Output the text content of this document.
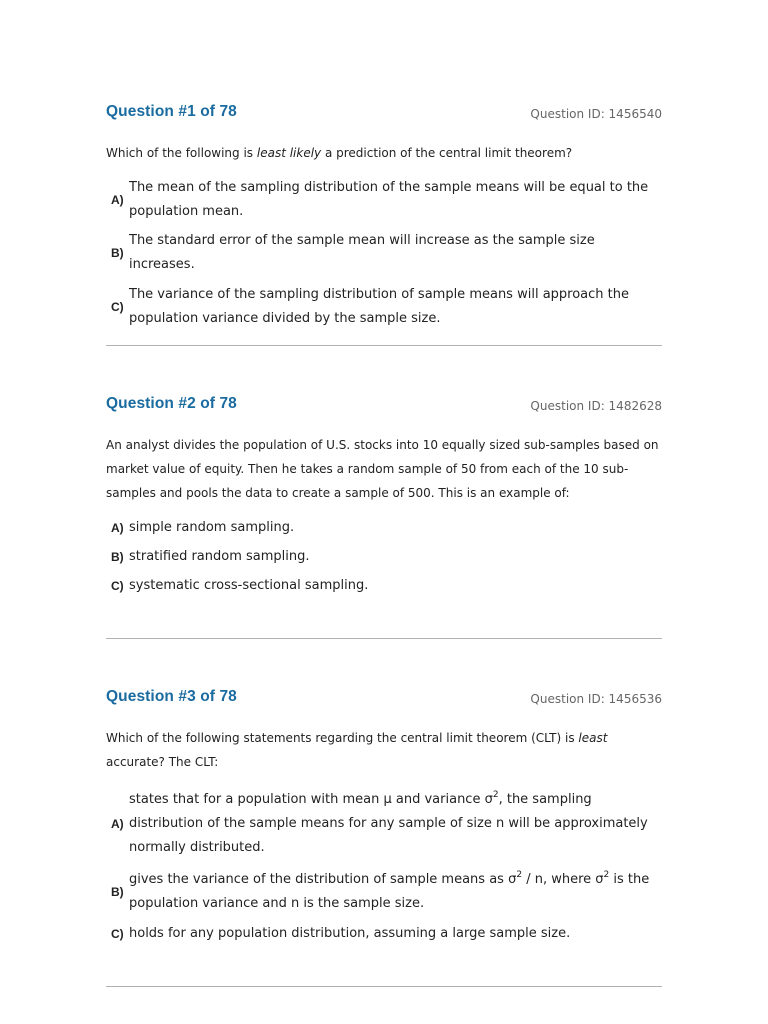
Question #1 of 78	Question ID: 1456540
Which of the following is least likely a prediction of the central limit theorem?
A)
The mean of the sampling distribution of the sample means will be equal to the population mean.
B)
The standard error of the sample mean will increase as the sample size increases.
C)
The variance of the sampling distribution of sample means will approach the population variance divided by the sample size.
Question #2 of 78	Question ID: 1482628
An analyst divides the population of U.S. stocks into 10 equally sized sub-samples based on market value of equity. Then he takes a random sample of 50 from each of the 10 sub-samples and pools the data to create a sample of 500. This is an example of:
A) simple random sampling.
B) stratified random sampling.
C) systematic cross-sectional sampling.
Question #3 of 78	Question ID: 1456536
Which of the following statements regarding the central limit theorem (CLT) is least accurate? The CLT:
A)
states that for a population with mean μ and variance $\sigma^2$, the sampling distribution of the sample means for any sample of size n will be approximately normally distributed.
B)
gives the variance of the distribution of sample means as $\sigma^2$ / n, where $\sigma^2$ is the population variance and n is the sample size.
C) holds for any population distribution, assuming a large sample size.
